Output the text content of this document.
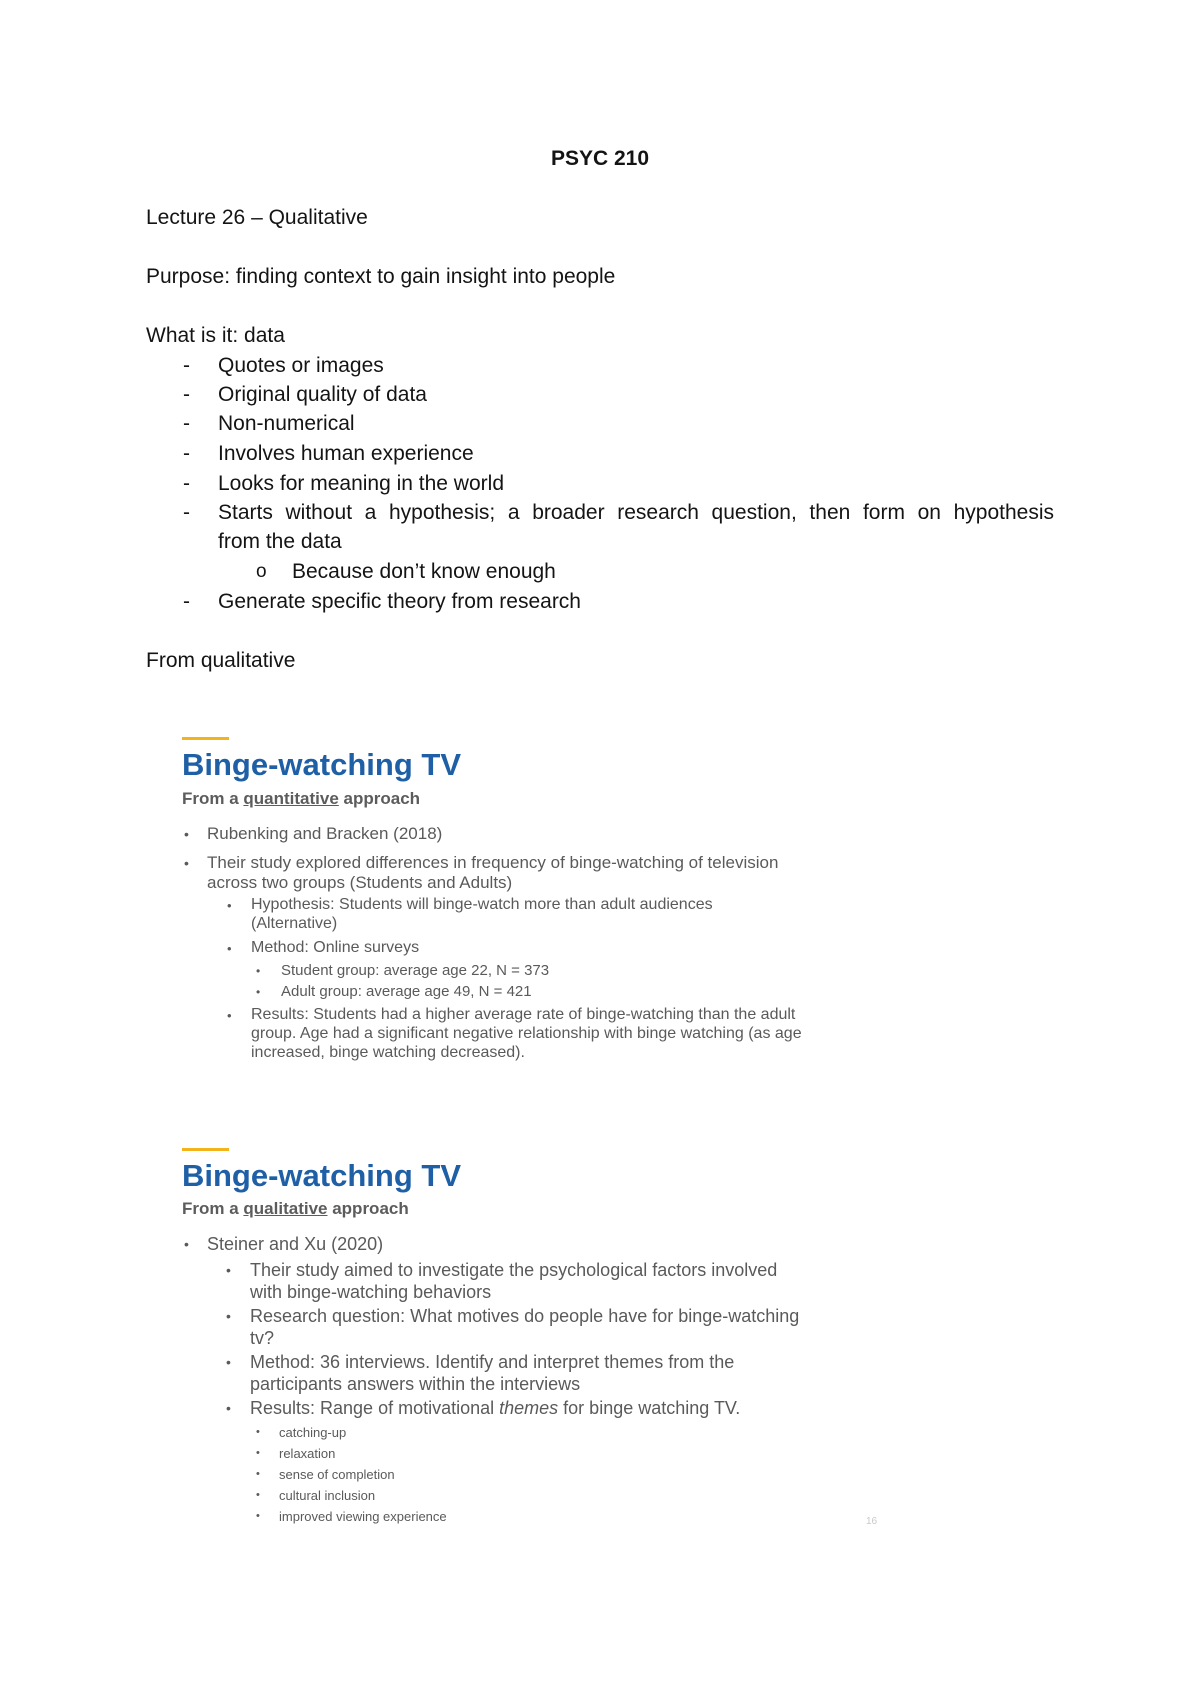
PSYC 210
Lecture 26 – Qualitative
Purpose: finding context to gain insight into people
What is it: data
- Quotes or images
- Original quality of data
- Non-numerical
- Involves human experience
- Looks for meaning in the world
- Starts without a hypothesis; a broader research question, then form on hypothesis
from the data
o Because don’t know enough
- Generate specific theory from research
From qualitative
Binge-watching TV
From a quantitative approach
• Rubenking and Bracken (2018)
• Their study explored differences in frequency of binge-watching of television
across two groups (Students and Adults)
• Hypothesis: Students will binge-watch more than adult audiences
(Alternative)
• Method: Online surveys
• Student group: average age 22, N = 373
• Adult group: average age 49, N = 421
• Results: Students had a higher average rate of binge-watching than the adult
group. Age had a significant negative relationship with binge watching (as age
increased, binge watching decreased).
Binge-watching TV
From a qualitative approach
• Steiner and Xu (2020)
• Their study aimed to investigate the psychological factors involved
with binge-watching behaviors
• Research question: What motives do people have for binge-watching
tv?
• Method: 36 interviews. Identify and interpret themes from the
participants answers within the interviews
• Results: Range of motivational themes for binge watching TV.
• catching-up
• relaxation
• sense of completion
• cultural inclusion
• improved viewing experience	16
